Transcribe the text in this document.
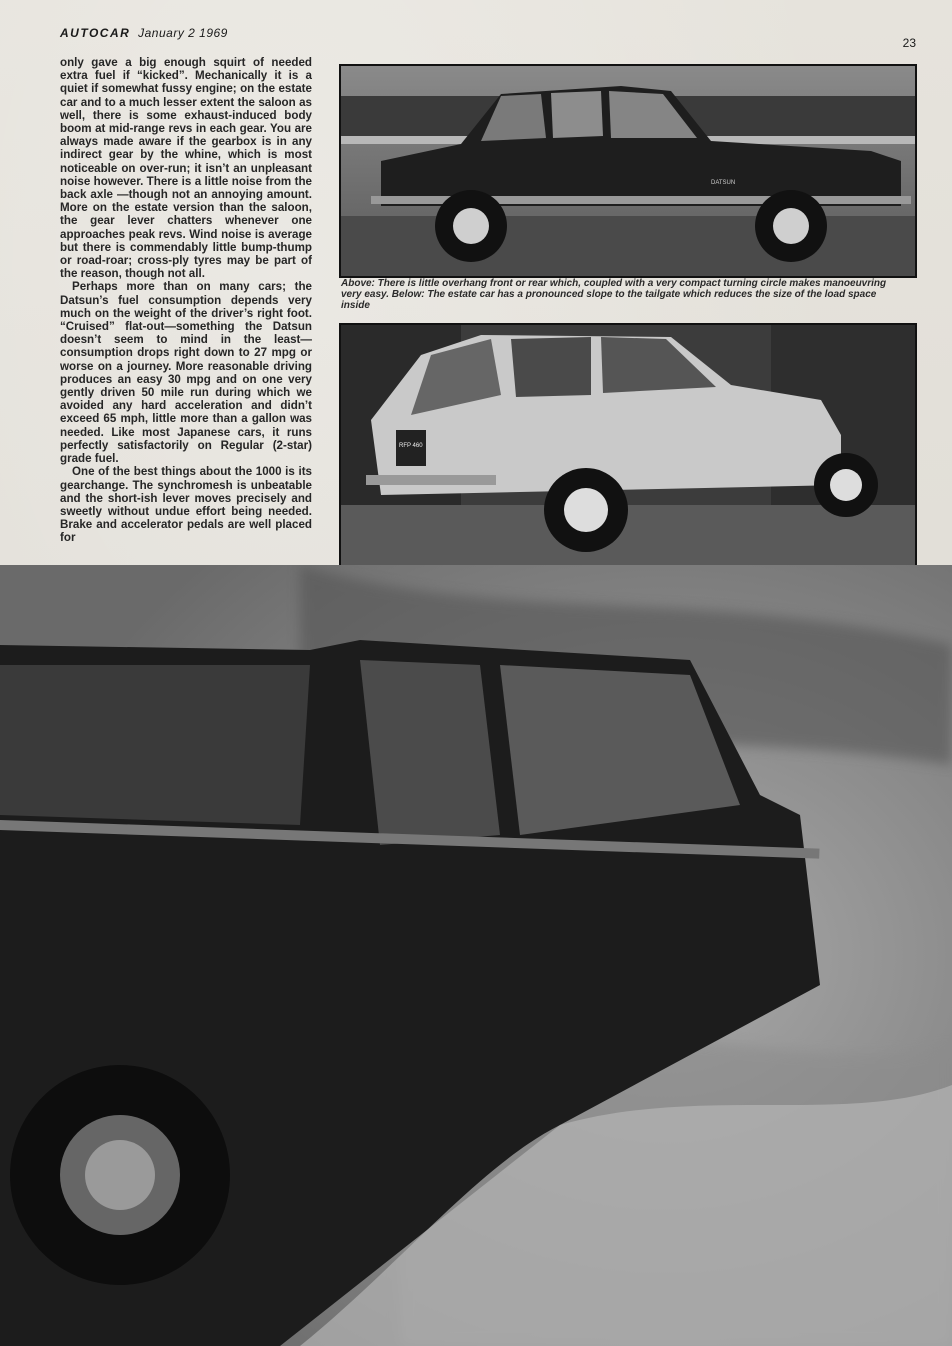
AUTOCAR January 2 1969
23

only gave a big enough squirt of needed extra fuel if “kicked”. Mechanically it is a quiet if somewhat fussy engine; on the estate car and to a much lesser extent the saloon as well, there is some exhaust-induced body boom at mid-range revs in each gear. You are always made aware if the gearbox is in any indirect gear by the whine, which is most noticeable on over-run; it isn’t an unpleasant noise however. There is a little noise from the back axle —though not an annoying amount. More on the estate version than the saloon, the gear lever chatters whenever one approaches peak revs. Wind noise is average but there is commendably little bump-thump or road-roar; cross-ply tyres may be part of the reason, though not all.

Perhaps more than on many cars; the Datsun’s fuel consumption depends very much on the weight of the driver’s right foot. “Cruised” flat-out—something the Datsun doesn’t seem to mind in the least—consumption drops right down to 27 mpg or worse on a journey. More reasonable driving produces an easy 30 mpg and on one very gently driven 50 mile run during which we avoided any hard acceleration and didn’t exceed 65 mph, little more than a gallon was needed. Like most Japanese cars, it runs perfectly satisfactorily on Regular (2-star) grade fuel.

One of the best things about the 1000 is its gearchange. The synchromesh is unbeatable and the short-ish lever moves precisely and sweetly without undue effort being needed. Brake and accelerator pedals are well placed for

DATSUN
Above: There is little overhang front or rear which, coupled with a very compact turning circle makes manoeuvring very easy. Below: The estate car has a pronounced slope to the tailgate which reduces the size of the load space inside
RFP 460
